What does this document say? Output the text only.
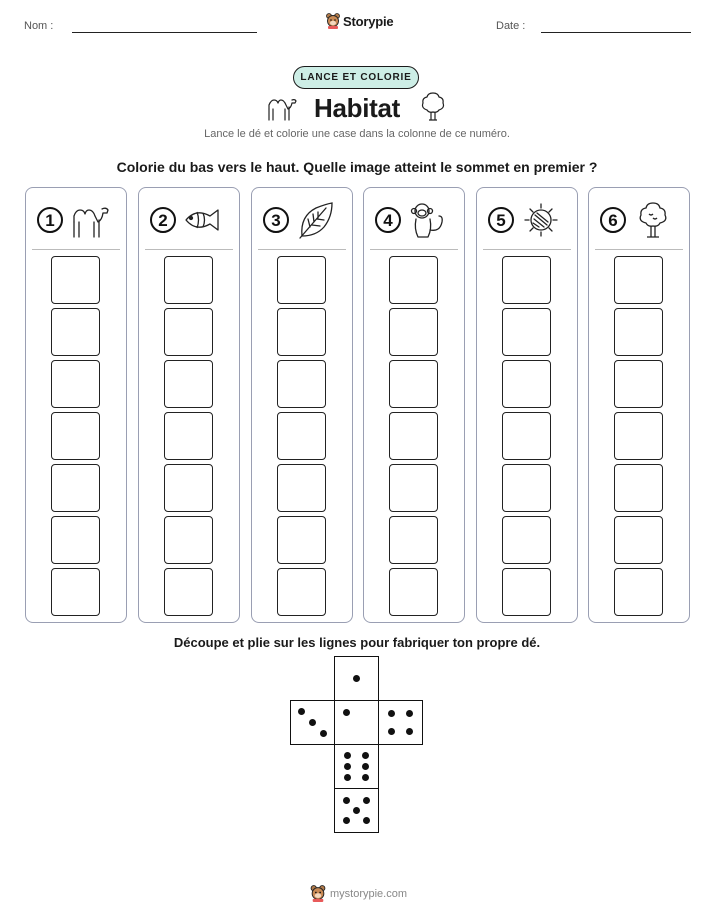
Nom :	Storypie	Date :
LANCE ET COLORIE
Habitat
Lance le dé et colorie une case dans la colonne de ce numéro.
Colorie du bas vers le haut. Quelle image atteint le sommet en premier ?
1	2	3	4	5	6
Découpe et plie sur les lignes pour fabriquer ton propre dé.
mystorypie.com
